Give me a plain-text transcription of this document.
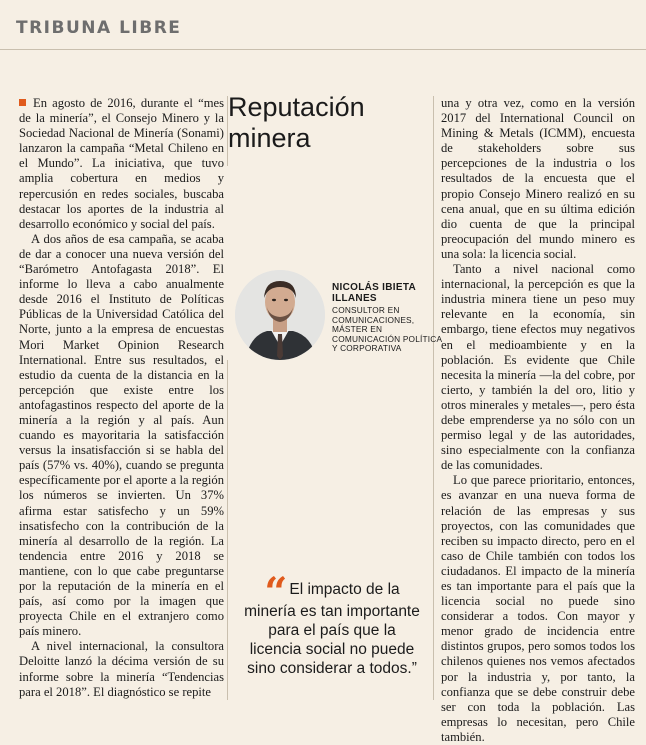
TRIBUNA LIBRE

En agosto de 2016, durante el “mes de la minería”, el Consejo Minero y la Sociedad Nacional de Minería (Sonami) lanzaron la campaña “Metal Chileno en el Mundo”. La iniciativa, que tuvo amplia cobertura en medios y repercusión en redes sociales, buscaba destacar los aportes de la industria al desarrollo económico y social del país.

A dos años de esa campaña, se acaba de dar a conocer una nueva versión del “Barómetro Antofagasta 2018”. El informe lo lleva a cabo anualmente desde 2016 el Instituto de Políticas Públicas de la Universidad Católica del Norte, junto a la empresa de encuestas Mori Market Opinion Research International. Entre sus resultados, el estudio da cuenta de la distancia en la percepción que existe entre los antofagastinos respecto del aporte de la minería a la región y al país. Aun cuando es mayoritaria la satisfacción versus la insatisfacción si se habla del país (57% vs. 40%), cuando se pregunta específicamente por el aporte a la región los números se invierten. Un 37% afirma estar satisfecho y un 59% insatisfecho con la contribución de la minería al desarrollo de la región. La tendencia entre 2016 y 2018 se mantiene, con lo que cabe preguntarse por la reputación de la minería en el país, así como por la imagen que proyecta Chile en el extranjero como país minero.

A nivel internacional, la consultora Deloitte lanzó la décima versión de su informe sobre la minería “Tendencias para el 2018”. El diagnóstico se repite

Reputación minera
NICOLÁS IBIETA ILLANES
CONSULTOR EN COMUNICACIONES, MÁSTER EN COMUNICACIÓN POLÍTICA Y CORPORATIVA
“ El impacto de la minería es tan importante para el país que la licencia social no puede sino considerar a todos.”

una y otra vez, como en la versión 2017 del International Council on Mining & Metals (ICMM), encuesta de stakeholders sobre sus percepciones de la industria o los resultados de la encuesta que el propio Consejo Minero realizó en su cena anual, que en su última edición dio cuenta de que la principal preocupación del mundo minero es una sola: la licencia social.

Tanto a nivel nacional como internacional, la percepción es que la industria minera tiene un peso muy relevante en la economía, sin embargo, tiene efectos muy negativos en el medioambiente y en la población. Es evidente que Chile necesita la minería —la del cobre, por cierto, y también la del oro, litio y otros minerales y metales—, pero ésta debe emprenderse ya no sólo con un permiso legal y de las autoridades, sino especialmente con la confianza de las comunidades.

Lo que parece prioritario, entonces, es avanzar en una nueva forma de relación de las empresas y sus proyectos, con las comunidades que reciben su impacto directo, pero en el caso de Chile también con todos los ciudadanos. El impacto de la minería es tan importante para el país que la licencia social no puede sino considerar a todos. Con mayor y menor grado de incidencia entre distintos grupos, pero somos todos los chilenos quienes nos vemos afectados por la industria y, por tanto, la confianza que se debe construir debe ser con toda la población. Las empresas lo necesitan, pero Chile también.
